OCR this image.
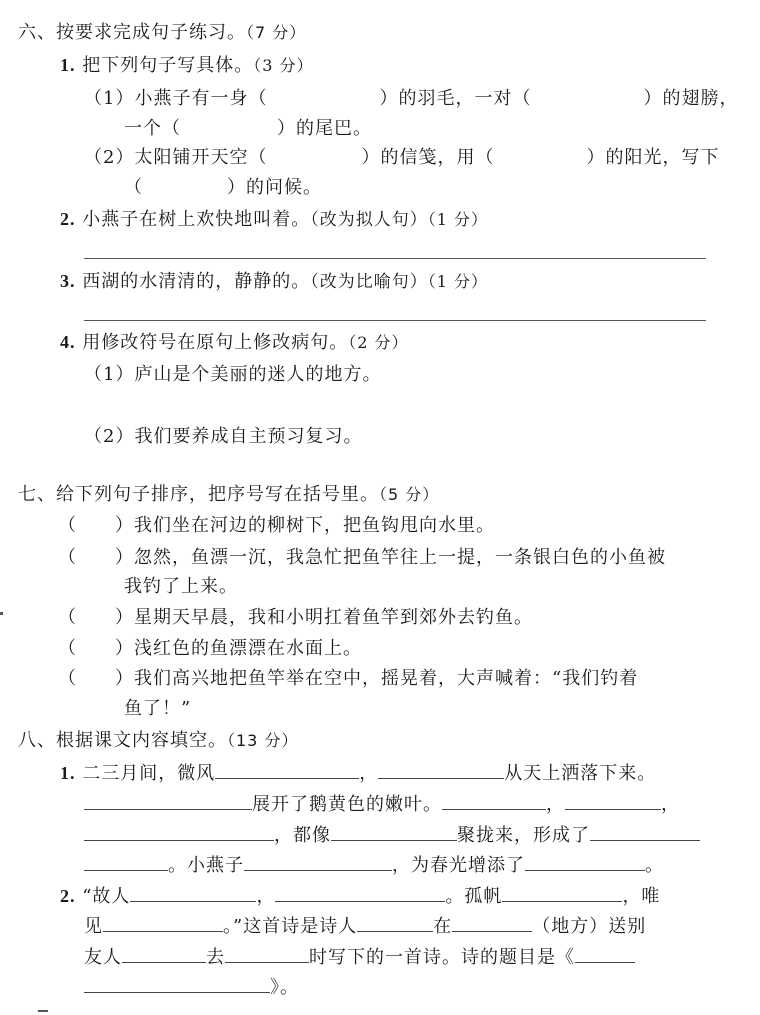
六、按要求完成句子练习。（7 分）
1. 把下列句子写具体。（3 分）
（1）小燕子有一身（	）的羽毛，一对（	）的翅膀，
一个（	）的尾巴。
（2）太阳铺开天空（	）的信笺，用（	）的阳光，写下
（	）的问候。
2. 小燕子在树上欢快地叫着。（改为拟人句）（1 分）
3. 西湖的水清清的，静静的。（改为比喻句）（1 分）
4. 用修改符号在原句上修改病句。（2 分）
（1）庐山是个美丽的迷人的地方。
（2）我们要养成自主预习复习。
七、给下列句子排序，把序号写在括号里。（5 分）
（　　）我们坐在河边的柳树下，把鱼钩甩向水里。
（　　）忽然，鱼漂一沉，我急忙把鱼竿往上一提，一条银白色的小鱼被
我钓了上来。
（　　）星期天早晨，我和小明扛着鱼竿到郊外去钓鱼。
（　　）浅红色的鱼漂漂在水面上。
（　　）我们高兴地把鱼竿举在空中，摇晃着，大声喊着：“我们钓着
鱼了！”
八、根据课文内容填空。（13 分）
1. 二三月间，微风	，	从天上洒落下来。
展开了鹅黄色的嫩叶。	，	，
，都像	聚拢来，形成了
。小燕子	，为春光增添了	。
2. “故人	，	。孤帆	，唯
见	。”这首诗是诗人	在	（地方）送别
友人	去	时写下的一首诗。诗的题目是《
》。
